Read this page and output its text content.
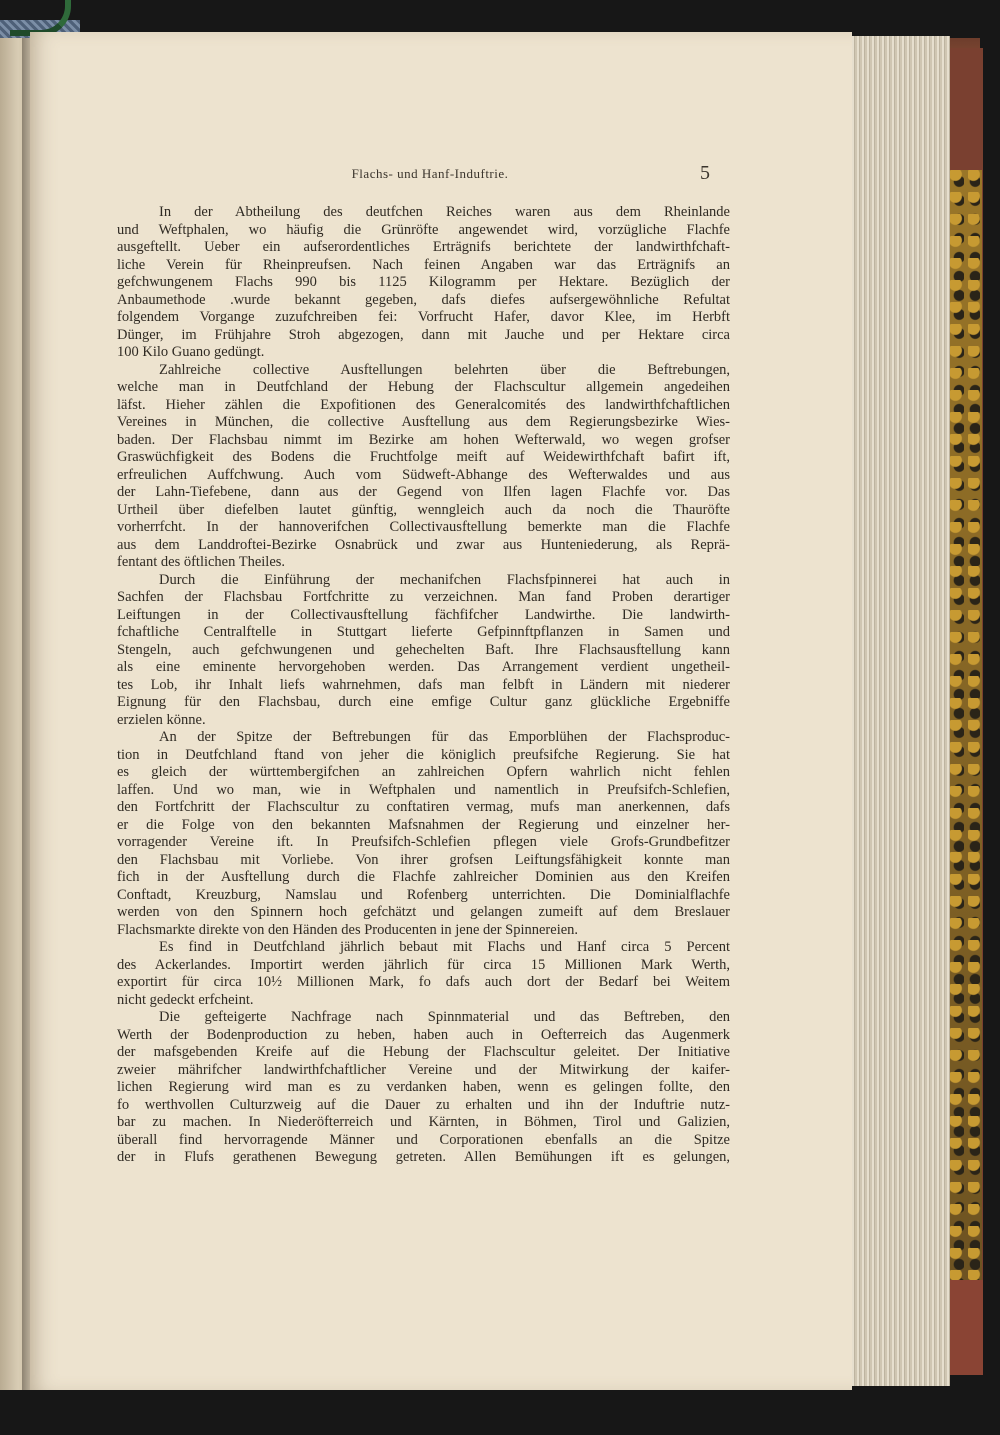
Flachs- und Hanf-Induftrie.	5
In der Abtheilung des deutfchen Reiches waren aus dem Rheinlande
und Weftphalen, wo häufig die Grünröfte angewendet wird, vorzügliche Flachfe
ausgeftellt. Ueber ein aufserordentliches Erträgnifs berichtete der landwirthfchaft-
liche Verein für Rheinpreufsen. Nach feinen Angaben war das Erträgnifs an
gefchwungenem Flachs 990 bis 1125 Kilogramm per Hektare. Bezüglich der
Anbaumethode .wurde bekannt gegeben, dafs diefes aufsergewöhnliche Refultat
folgendem Vorgange zuzufchreiben fei: Vorfrucht Hafer, davor Klee, im Herbft
Dünger, im Frühjahre Stroh abgezogen, dann mit Jauche und per Hektare circa
100 Kilo Guano gedüngt.
Zahlreiche collective Ausftellungen belehrten über die Beftrebungen,
welche man in Deutfchland der Hebung der Flachscultur allgemein angedeihen
läfst. Hieher zählen die Expofitionen des Generalcomités des landwirthfchaftlichen
Vereines in München, die collective Ausftellung aus dem Regierungsbezirke Wies-
baden. Der Flachsbau nimmt im Bezirke am hohen Wefterwald, wo wegen grofser
Graswüchfigkeit des Bodens die Fruchtfolge meift auf Weidewirthfchaft bafirt ift,
erfreulichen Auffchwung. Auch vom Südweft-Abhange des Wefterwaldes und aus
der Lahn-Tiefebene, dann aus der Gegend von Ilfen lagen Flachfe vor. Das
Urtheil über diefelben lautet günftig, wenngleich auch da noch die Thauröfte
vorherrfcht. In der hannoverifchen Collectivausftellung bemerkte man die Flachfe
aus dem Landdroftei-Bezirke Osnabrück und zwar aus Hunteniederung, als Reprä-
fentant des öftlichen Theiles.
Durch die Einführung der mechanifchen Flachsfpinnerei hat auch in
Sachfen der Flachsbau Fortfchritte zu verzeichnen. Man fand Proben derartiger
Leiftungen in der Collectivausftellung fächfifcher Landwirthe. Die landwirth-
fchaftliche Centralftelle in Stuttgart lieferte Gefpinnftpflanzen in Samen und
Stengeln, auch gefchwungenen und gehechelten Baft. Ihre Flachsausftellung kann
als eine eminente hervorgehoben werden. Das Arrangement verdient ungetheil-
tes Lob, ihr Inhalt liefs wahrnehmen, dafs man felbft in Ländern mit niederer
Eignung für den Flachsbau, durch eine emfige Cultur ganz glückliche Ergebniffe
erzielen könne.
An der Spitze der Beftrebungen für das Emporblühen der Flachsproduc-
tion in Deutfchland ftand von jeher die königlich preufsifche Regierung. Sie hat
es gleich der württembergifchen an zahlreichen Opfern wahrlich nicht fehlen
laffen. Und wo man, wie in Weftphalen und namentlich in Preufsifch-Schlefien,
den Fortfchritt der Flachscultur zu conftatiren vermag, mufs man anerkennen, dafs
er die Folge von den bekannten Mafsnahmen der Regierung und einzelner her-
vorragender Vereine ift. In Preufsifch-Schlefien pflegen viele Grofs-Grundbefitzer
den Flachsbau mit Vorliebe. Von ihrer grofsen Leiftungsfähigkeit konnte man
fich in der Ausftellung durch die Flachfe zahlreicher Dominien aus den Kreifen
Conftadt, Kreuzburg, Namslau und Rofenberg unterrichten. Die Dominialflachfe
werden von den Spinnern hoch gefchätzt und gelangen zumeift auf dem Breslauer
Flachsmarkte direkte von den Händen des Producenten in jene der Spinnereien.
Es find in Deutfchland jährlich bebaut mit Flachs und Hanf circa 5 Percent
des Ackerlandes. Importirt werden jährlich für circa 15 Millionen Mark Werth,
exportirt für circa 10½ Millionen Mark, fo dafs auch dort der Bedarf bei Weitem
nicht gedeckt erfcheint.
Die gefteigerte Nachfrage nach Spinnmaterial und das Beftreben, den
Werth der Bodenproduction zu heben, haben auch in Oefterreich das Augenmerk
der mafsgebenden Kreife auf die Hebung der Flachscultur geleitet. Der Initiative
zweier mährifcher landwirthfchaftlicher Vereine und der Mitwirkung der kaifer-
lichen Regierung wird man es zu verdanken haben, wenn es gelingen follte, den
fo werthvollen Culturzweig auf die Dauer zu erhalten und ihn der Induftrie nutz-
bar zu machen. In Niederöfterreich und Kärnten, in Böhmen, Tirol und Galizien,
überall find hervorragende Männer und Corporationen ebenfalls an die Spitze
der in Flufs gerathenen Bewegung getreten. Allen Bemühungen ift es gelungen,
